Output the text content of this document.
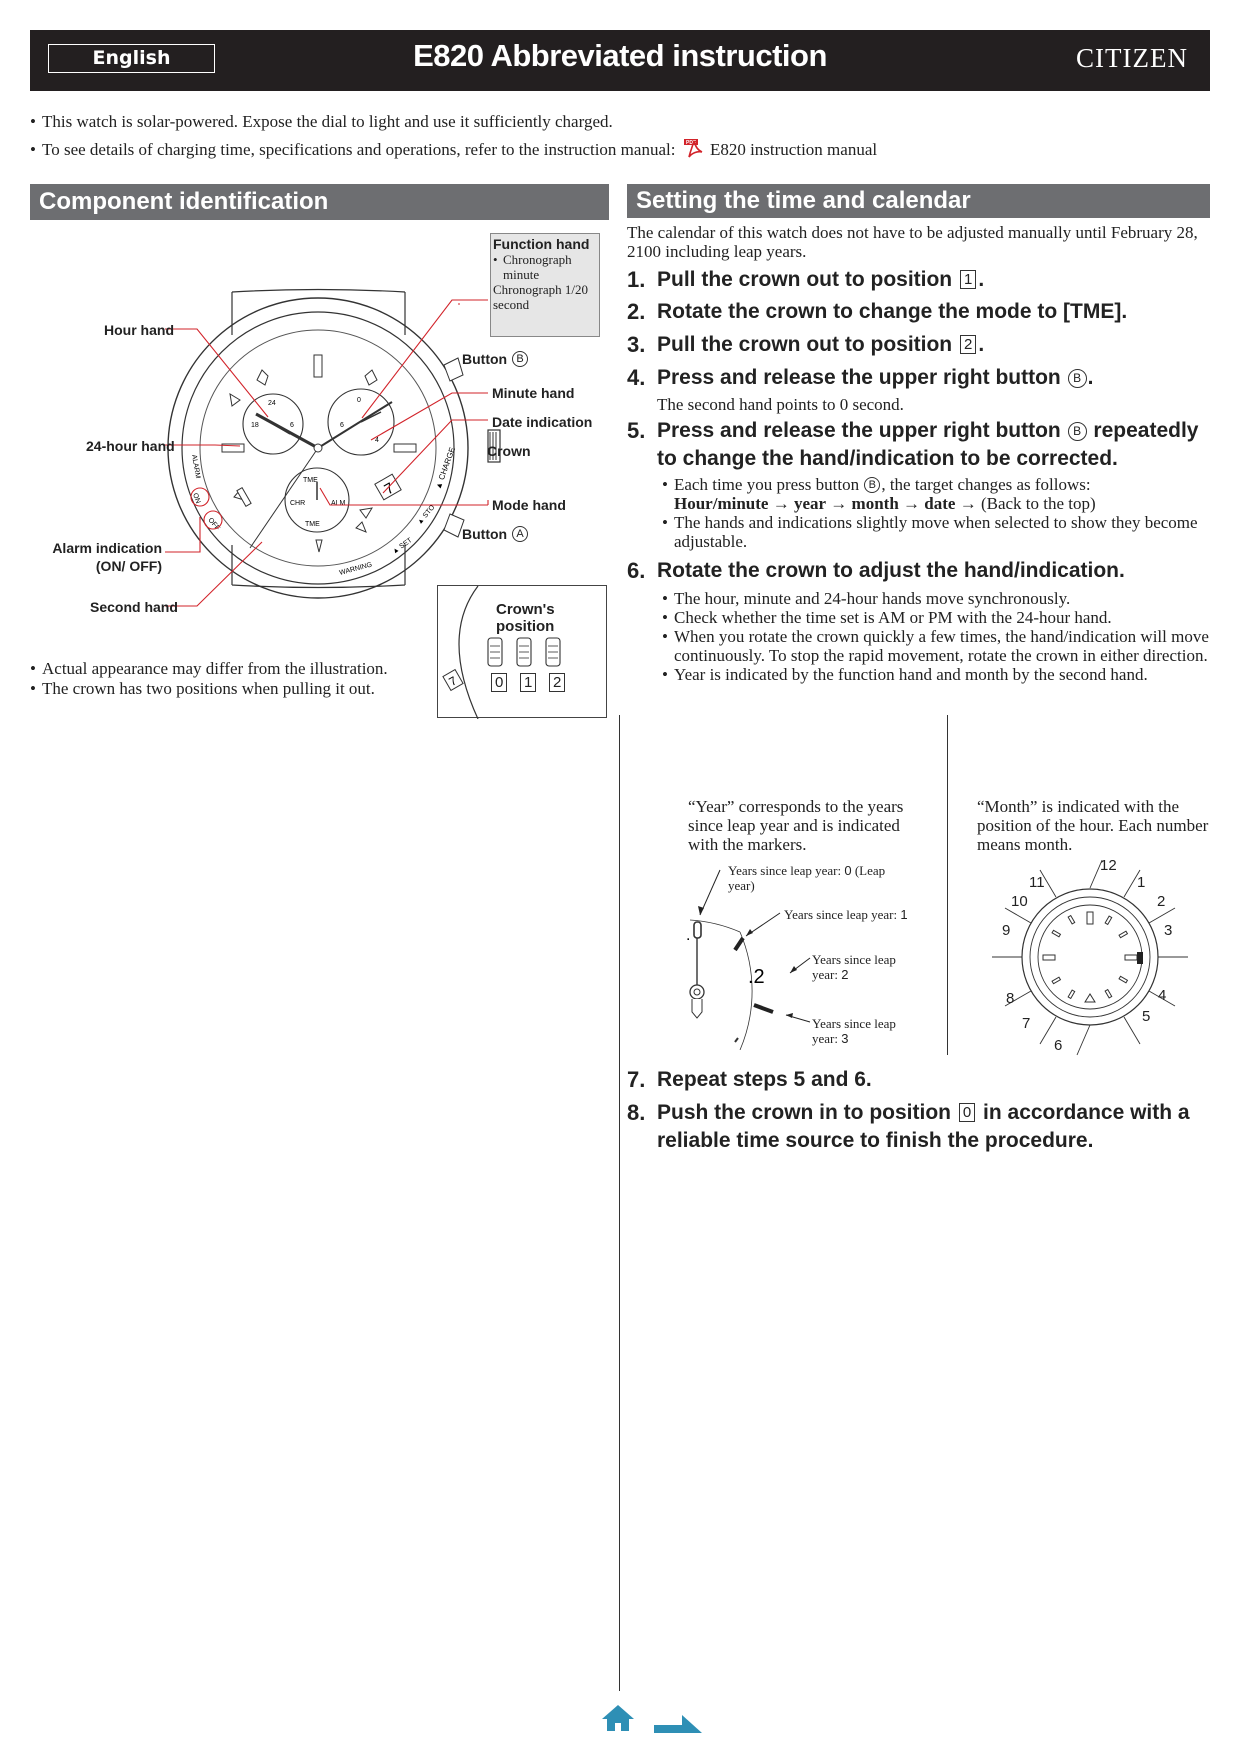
English	E820 Abbreviated instruction	CITIZEN
• This watch is solar-powered. Expose the dial to light and use it sufficiently charged.
• To see details of charging time, specifications and operations, refer to the instruction manual: PDF E820 instruction manual
Component identification
24
18	6
0
6
4
TME
TME
CHR	ALM
7	▲ CHARGE
▲ STO
▲ SET
WARNING
ALARM
ON
OFF
Hour hand
24-hour hand
Alarm indication (ON/ OFF)
Second hand
Button B
Minute hand
Date indication
Crown
Mode hand
Button A
Function hand
• Chronograph minute
Chronograph 1/20 second
Crown's position
7 0 1 2
• Actual appearance may differ from the illustration.
• The crown has two positions when pulling it out.
Setting the time and calendar
The calendar of this watch does not have to be adjusted manually until February 28, 2100 including leap years.
1. Pull the crown out to position 1 .
2. Rotate the crown to change the mode to [TME].
3. Pull the crown out to position 2 .
4. Press and release the upper right button B .
The second hand points to 0 second.
5. Press and release the upper right button B repeatedly to change the hand/indication to be corrected.
• Each time you press button B , the target changes as follows:
Hour/minute → year → month → date → (Back to the top)
• The hands and indications slightly move when selected to show they become adjustable.
6. Rotate the crown to adjust the hand/indication.
• The hour, minute and 24-hour hands move synchronously.
• Check whether the time set is AM or PM with the 24-hour hand.
• When you rotate the crown quickly a few times, the hand/indication will move continuously. To stop the rapid movement, rotate the crown in either direction.
• Year is indicated by the function hand and month by the second hand.
“Year” corresponds to the years since leap year and is indicated with the markers.
.2
.
Years since leap year: 0 (Leap year)
Years since leap year: 1
Years since leap year: 2
Years since leap year: 3
“Month” is indicated with the position of the hour. Each number means month.
1
2
3
4
5
6
7
8
9
10
11
12
7. Repeat steps 5 and 6.
8. Push the crown in to position 0 in accordance with a reliable time source to finish the procedure.
